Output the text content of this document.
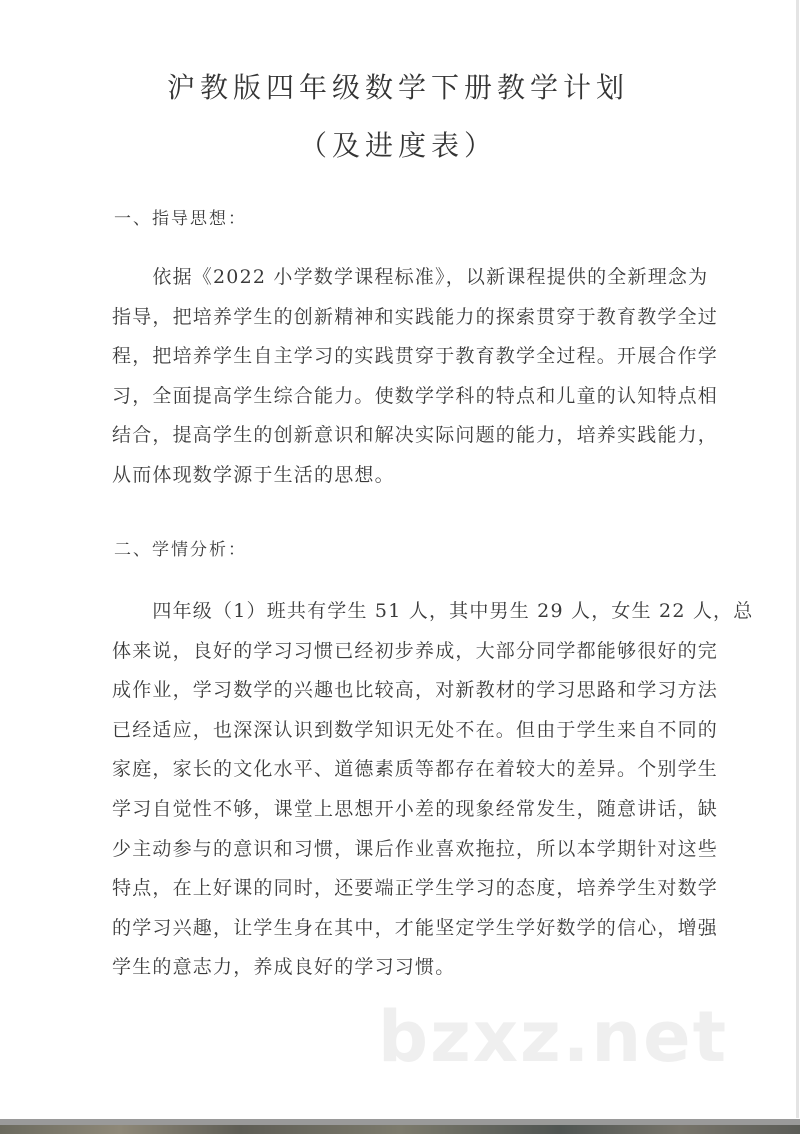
沪教版四年级数学下册教学计划
（及进度表）
一、指导思想：
　　依据《2022 小学数学课程标准》，以新课程提供的全新理念为
指导，把培养学生的创新精神和实践能力的探索贯穿于教育教学全过
程，把培养学生自主学习的实践贯穿于教育教学全过程。开展合作学
习，全面提高学生综合能力。使数学学科的特点和儿童的认知特点相
结合，提高学生的创新意识和解决实际问题的能力，培养实践能力，
从而体现数学源于生活的思想。
二、学情分析：
　　四年级（1）班共有学生 51 人，其中男生 29 人，女生 22 人，总
体来说，良好的学习习惯已经初步养成，大部分同学都能够很好的完
成作业，学习数学的兴趣也比较高，对新教材的学习思路和学习方法
已经适应，也深深认识到数学知识无处不在。但由于学生来自不同的
家庭，家长的文化水平、道德素质等都存在着较大的差异。个别学生
学习自觉性不够，课堂上思想开小差的现象经常发生，随意讲话，缺
少主动参与的意识和习惯，课后作业喜欢拖拉，所以本学期针对这些
特点，在上好课的同时，还要端正学生学习的态度，培养学生对数学
的学习兴趣，让学生身在其中，才能坚定学生学好数学的信心，增强
学生的意志力，养成良好的学习习惯。
bzxz.net
